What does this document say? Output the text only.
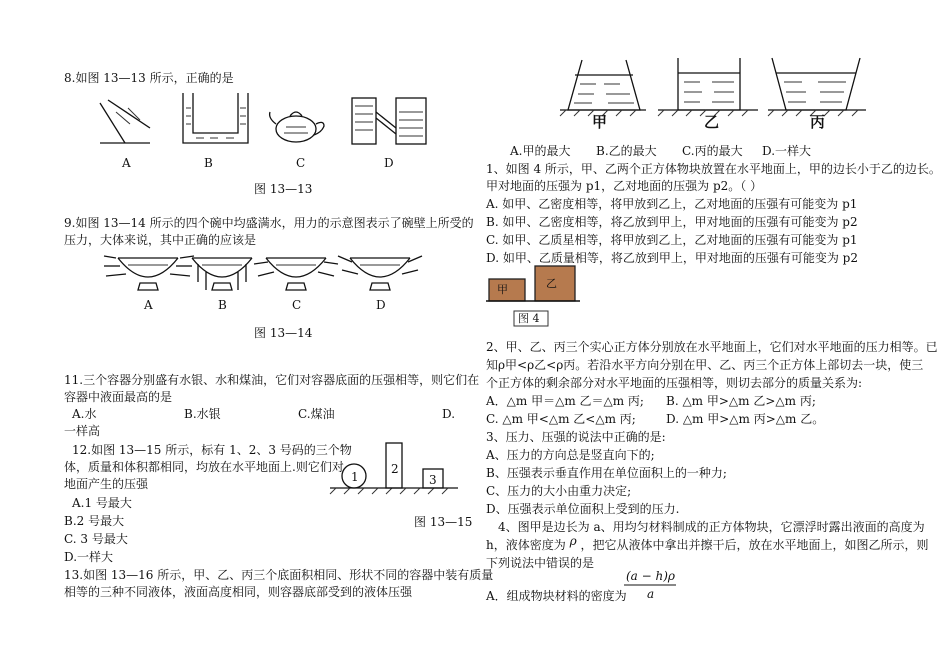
8.如图 13—13 所示，正确的是
A	B	C	D
图 13—13
9.如图 13—14 所示的四个碗中均盛满水，用力的示意图表示了碗壁上所受的
压力，大体来说，其中正确的应该是
A	B	C	D
图 13—14
11.三个容器分别盛有水银、水和煤油，它们对容器底面的压强相等，则它们在
容器中液面最高的是
A.水	B.水银	C.煤油	D.
一样高
12.如图 13—15 所示，标有 1、2、3 号码的三个物
体，质量和体积都相同，均放在水平地面上.则它们对
地面产生的压强
A.1 号最大
B.2 号最大
C. 3 号最大
D.一样大
1
2
3
图 13—15
13.如图 13—16 所示，甲、乙、丙三个底面积相同、形状不同的容器中装有质量
相等的三种不同液体，液面高度相同，则容器底部受到的液体压强
甲	乙	丙
A.甲的最大 B.乙的最大 C.丙的最大 D.一样大
1、如图 4 所示，甲、乙两个正方体物块放置在水平地面上，甲的边长小于乙的边长。
甲对地面的压强为 p1，乙对地面的压强为 p2。（ ）
A. 如甲、乙密度相等，将甲放到乙上，乙对地面的压强有可能变为 p1
B. 如甲、乙密度相等，将乙放到甲上，甲对地面的压强有可能变为 p2
C. 如甲、乙质星相等，将甲放到乙上，乙对地面的压强有可能变为 p1
D. 如甲、乙质量相等，将乙放到甲上，甲对地面的压强有可能变为 p2
甲	乙
图 4
2、甲、乙、丙三个实心正方体分别放在水平地面上，它们对水平地面的压力相等。已
知ρ甲<ρ乙<ρ丙。若沿水平方向分别在甲、乙、丙三个正方体上部切去一块，使三
个正方体的剩余部分对水平地面的压强相等，则切去部分的质量关系为:
A．△m 甲＝△m 乙＝△m 丙; B. △m 甲>△m 乙>△m 丙;
C. △m 甲<△m 乙<△m 丙;	D. △m 甲>△m 丙>△m 乙。
3、压力、压强的说法中正确的是:
A、压力的方向总是竖直向下的;
B、压强表示垂直作用在单位面积上的一种力;
C、压力的大小由重力决定;
D、压强表示单位面积上受到的压力.
4、图甲是边长为 a、用均匀材料制成的正方体物块，它漂浮时露出液面的高度为
h，液体密度为 ρ ，把它从液体中拿出并擦干后，放在水平地面上，如图乙所示，则
下列说法中错误的是
(a − h)ρ
a
A．组成物块材料的密度为
